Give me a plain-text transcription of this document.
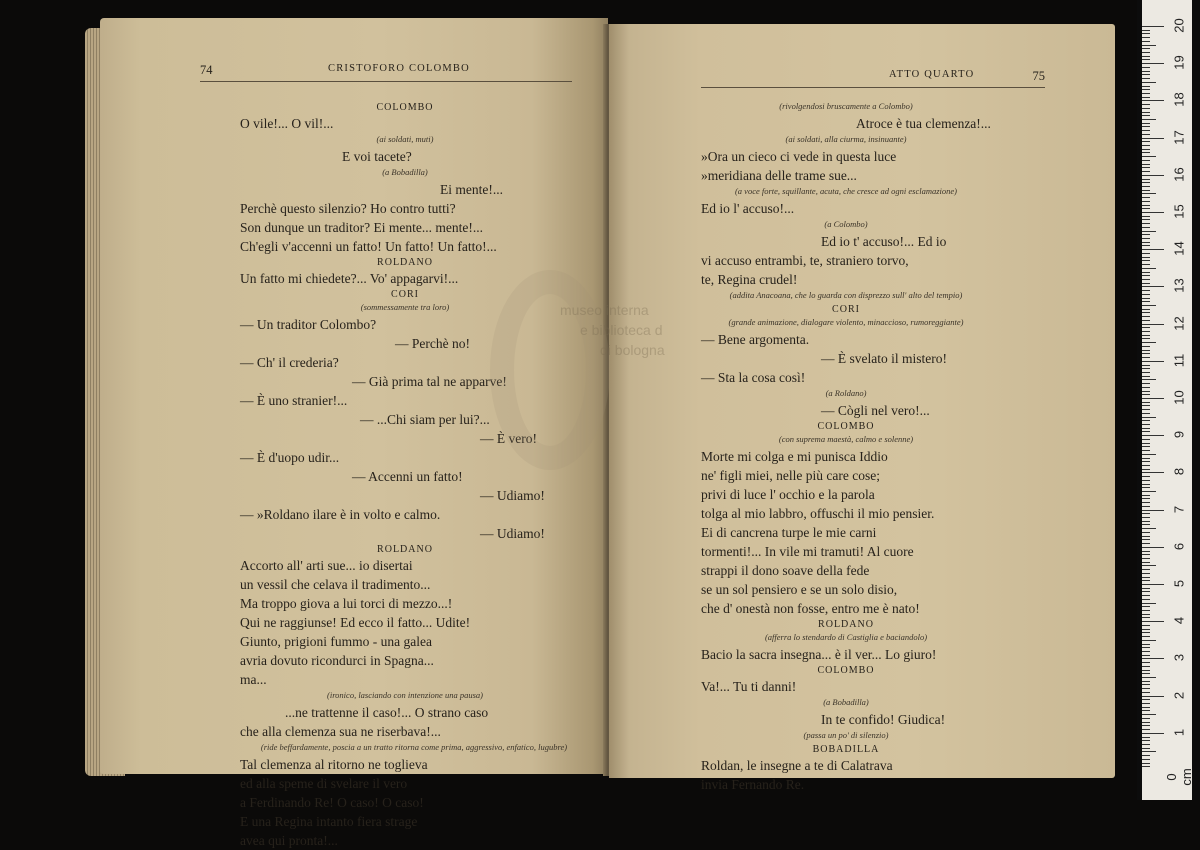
74	CRISTOFORO COLOMBO
COLOMBO
O vile!... O vil!...
(ai soldati, muti)
E voi tacete?
(a Bobadilla)
Ei mente!...
Perchè questo silenzio? Ho contro tutti?
Son dunque un traditor? Ei mente... mente!...
Ch'egli v'accenni un fatto! Un fatto! Un fatto!...
ROLDANO
Un fatto mi chiedete?... Vo' appagarvi!...
CORI
(sommessamente tra loro)
— Un traditor Colombo?
— Perchè no!
— Ch' il crederia?
— Già prima tal ne apparve!
— È uno stranier!...
— ...Chi siam per lui?...
— È vero!
— È d'uopo udir...
— Accenni un fatto!
— Udiamo!
— »Roldano ilare è in volto e calmo.
— Udiamo!
ROLDANO
Accorto all' arti sue... io disertai
un vessil che celava il tradimento...
Ma troppo giova a lui torci di mezzo...!
Qui ne raggiunse! Ed ecco il fatto... Udite!
Giunto, prigioni fummo - una galea
avria dovuto ricondurci in Spagna...
ma...
(ironico, lasciando con intenzione una pausa)
...ne trattenne il caso!... O strano caso
che alla clemenza sua ne riserbava!...
(ride beffardamente, poscia a un tratto ritorna come prima, aggressivo, enfatico, lugubre)
Tal clemenza al ritorno ne toglieva
ed alla speme di svelare il vero
a Ferdinando Re! O caso! O caso!
E una Regina intanto fiera strage
avea qui pronta!...
ATTO QUARTO	75
(rivolgendosi bruscamente a Colombo)
Atroce è tua clemenza!...
(ai soldati, alla ciurma, insinuante)
»Ora un cieco ci vede in questa luce
»meridiana delle trame sue...
(a voce forte, squillante, acuta, che cresce ad ogni esclamazione)
Ed io l' accuso!...
(a Colombo)
Ed io t' accuso!... Ed io
vi accuso entrambi, te, straniero torvo,
te, Regina crudel!
(addita Anacoana, che lo guarda con disprezzo sull' alto del tempio)
CORI
(grande animazione, dialogare violento, minaccioso, rumoreggiante)
— Bene argomenta.
— È svelato il mistero!
— Sta la cosa così!
(a Roldano)
— Cògli nel vero!...
COLOMBO
(con suprema maestà, calmo e solenne)
Morte mi colga e mi punisca Iddio
ne' figli miei, nelle più care cose;
privi di luce l' occhio e la parola
tolga al mio labbro, offuschi il mio pensier.
Ei di cancrena turpe le mie carni
tormenti!... In vile mi tramuti! Al cuore
strappi il dono soave della fede
se un sol pensiero e se un solo disio,
che d' onestà non fosse, entro me è nato!
ROLDANO
(afferra lo stendardo di Castiglia e baciandolo)
Bacio la sacra insegna... è il ver... Lo giuro!
COLOMBO
Va!... Tu ti danni!
(a Bobadilla)
In te confido! Giudica!
(passa un po' di silenzio)
BOBADILLA
Roldan, le insegne a te di Calatrava
invia Fernando Re.
museo interna
e biblioteca d
di bologna
20
19
18
17
16
15
14
13
12
11
10
9
8
7
6
5
4
3
2
1
0 cm
